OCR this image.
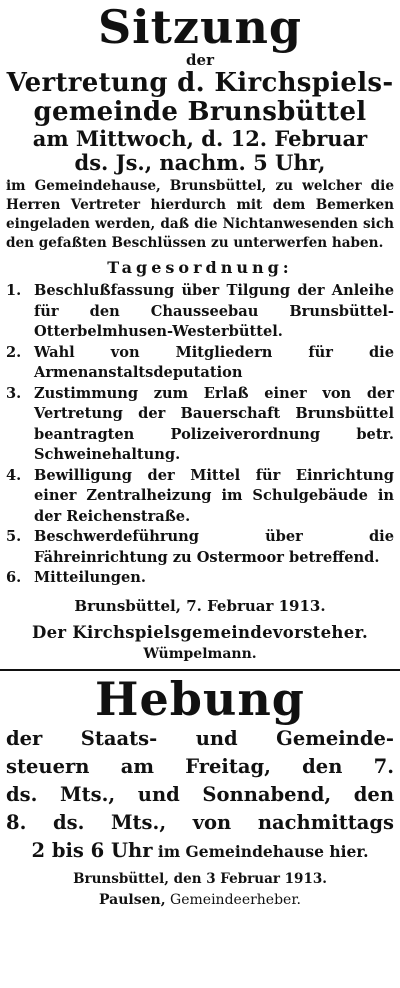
Sitzung

der

Vertretung d. Kirchspiels-

gemeinde Brunsbüttel

am Mittwoch, d. 12. Februar

ds. Js., nachm. 5 Uhr,

im Gemeindehause, Brunsbüttel, zu welcher die Herren Vertreter hierdurch mit dem Bemerken eingeladen werden, daß die Nichtanwesenden sich den gefaßten Beschlüssen zu unterwerfen haben.

Tagesordnung:

1. Beschlußfassung über Tilgung der Anleihe für den Chausseebau Brunsbüttel-Otterbelmhusen-Westerbüttel.
2. Wahl von Mitgliedern für die Armenanstaltsdeputation
3. Zustimmung zum Erlaß einer von der Vertretung der Bauerschaft Brunsbüttel beantragten Polizeiverordnung betr. Schweinehaltung.
4. Bewilligung der Mittel für Einrichtung einer Zentralheizung im Schulgebäude in der Reichenstraße.
5. Beschwerdeführung über die Fähreinrichtung zu Ostermoor betreffend.
6. Mitteilungen.

Brunsbüttel, 7. Februar 1913.

Der Kirchspielsgemeindevorsteher.

Wümpelmann.

Hebung
der Staats- und Gemeinde-
steuern am Freitag, den 7.
ds. Mts., und Sonnabend, den
8. ds. Mts., von nachmittags
2 bis 6 Uhr im Gemeindehause hier.

Brunsbüttel, den 3 Februar 1913.

Paulsen, Gemeindeerheber.
